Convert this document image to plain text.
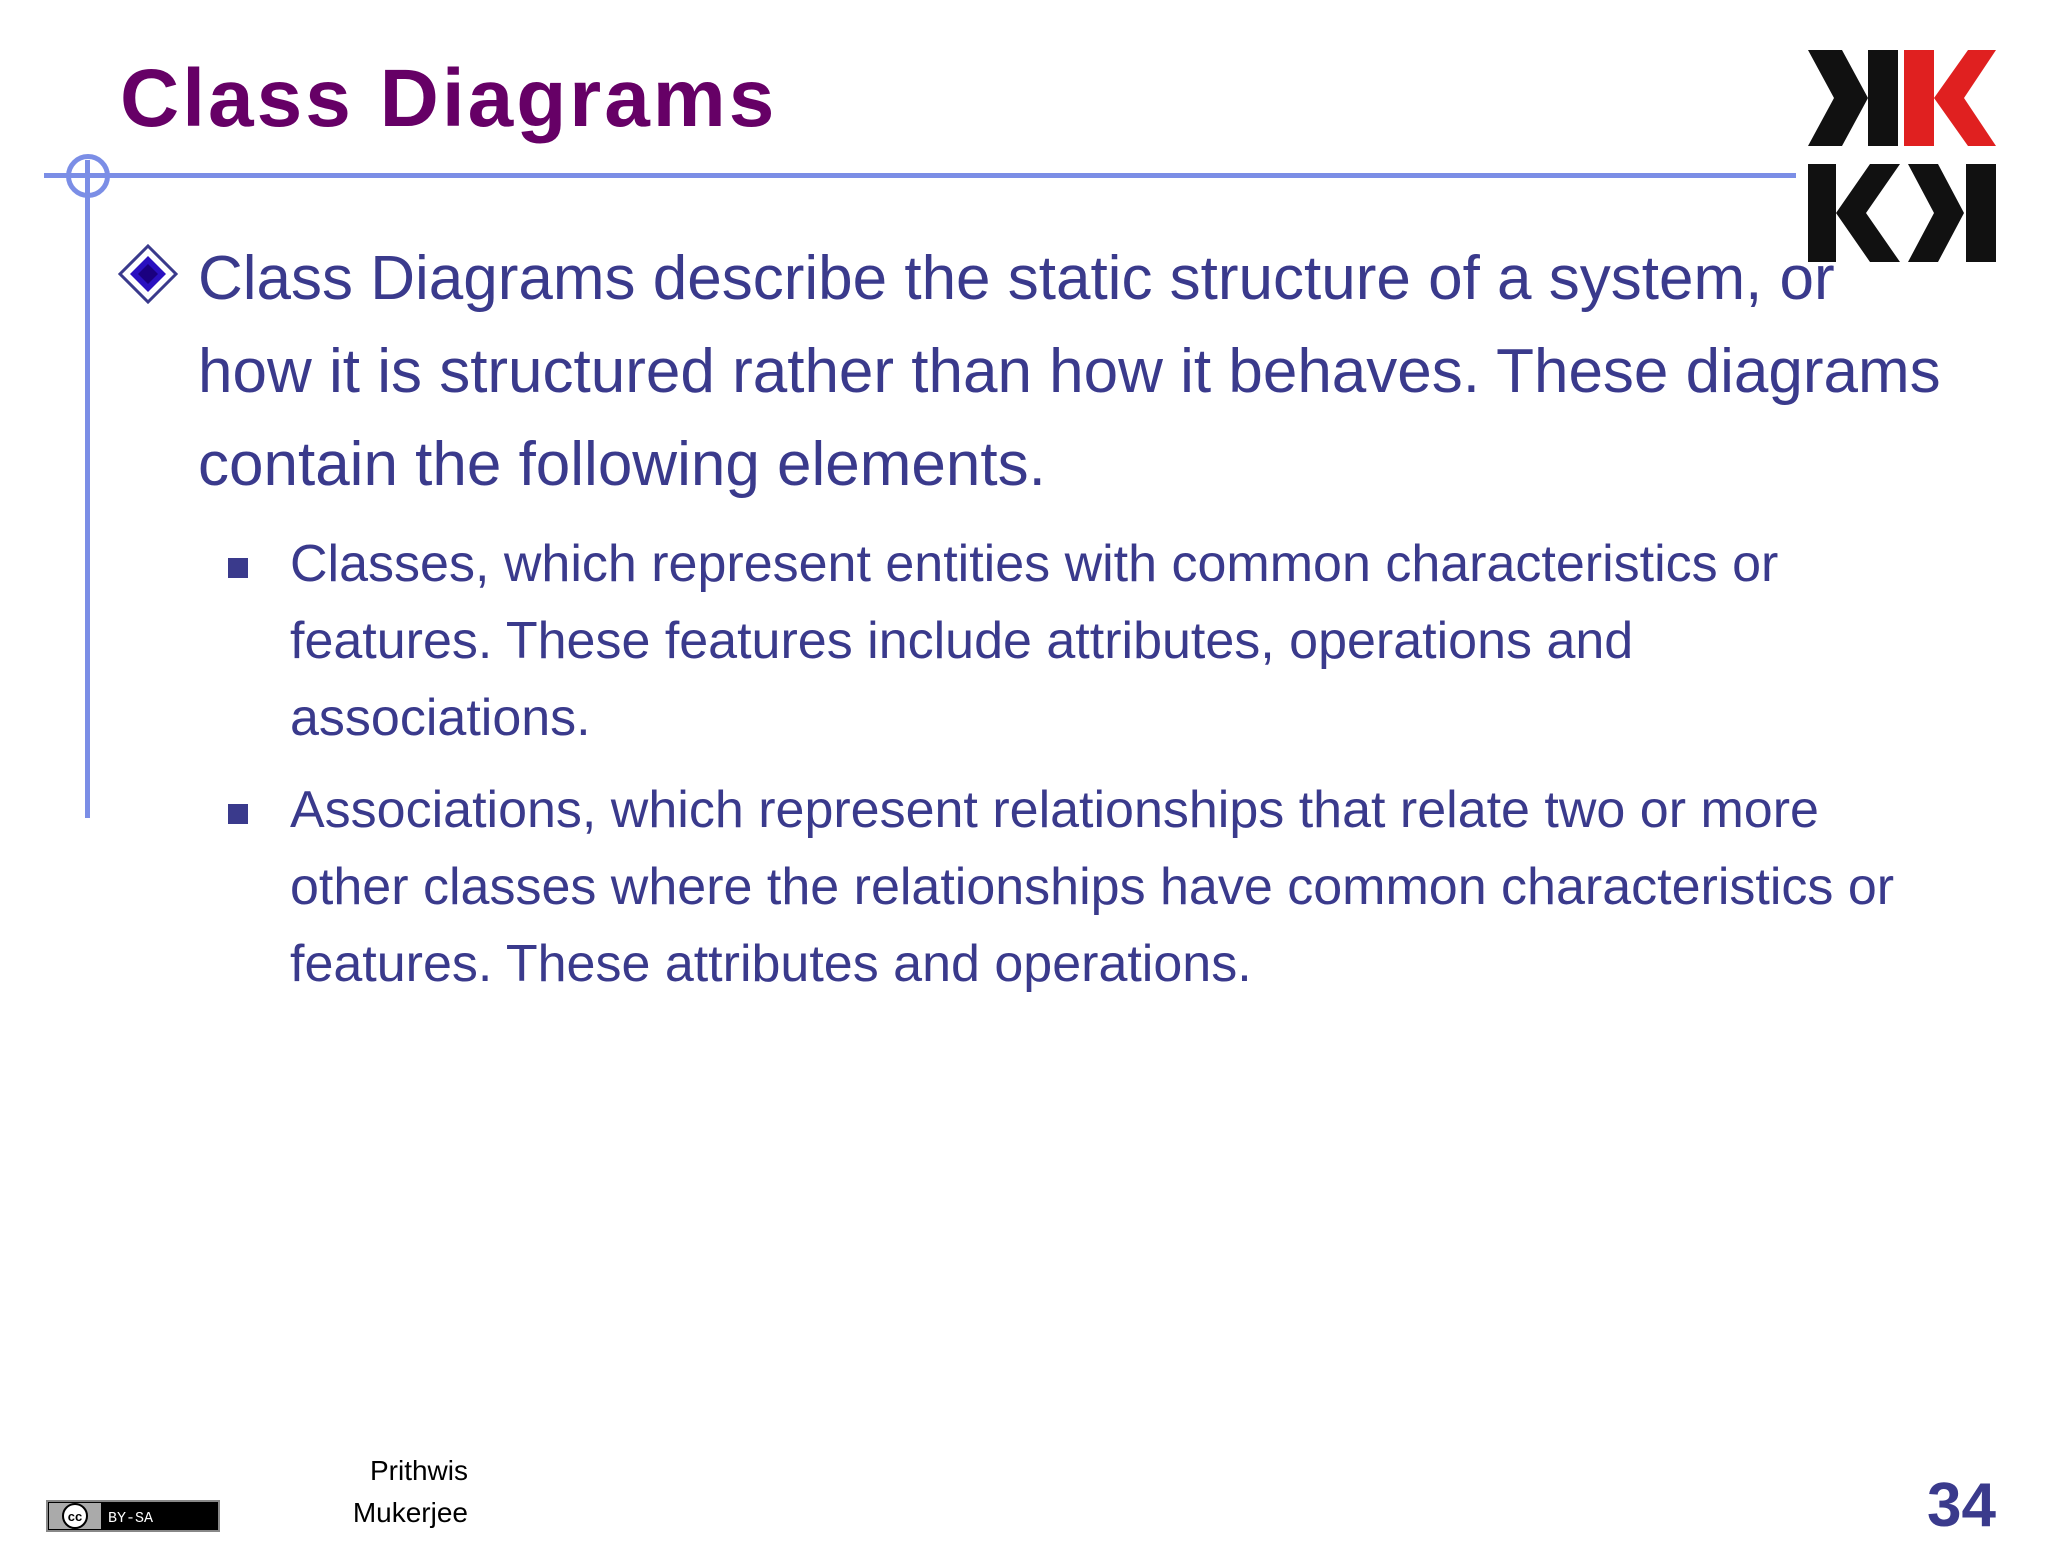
Class Diagrams

Class Diagrams describe the static structure of a system, or how it is structured rather than how it behaves. These diagrams contain the following elements.

Classes, which represent entities with common characteristics or features. These features include attributes, operations and associations.
Associations, which represent relationships that relate two or more other classes where the relationships have common characteristics or features. These attributes and operations.
cc BY-SA
Prithwis
Mukerjee	34
